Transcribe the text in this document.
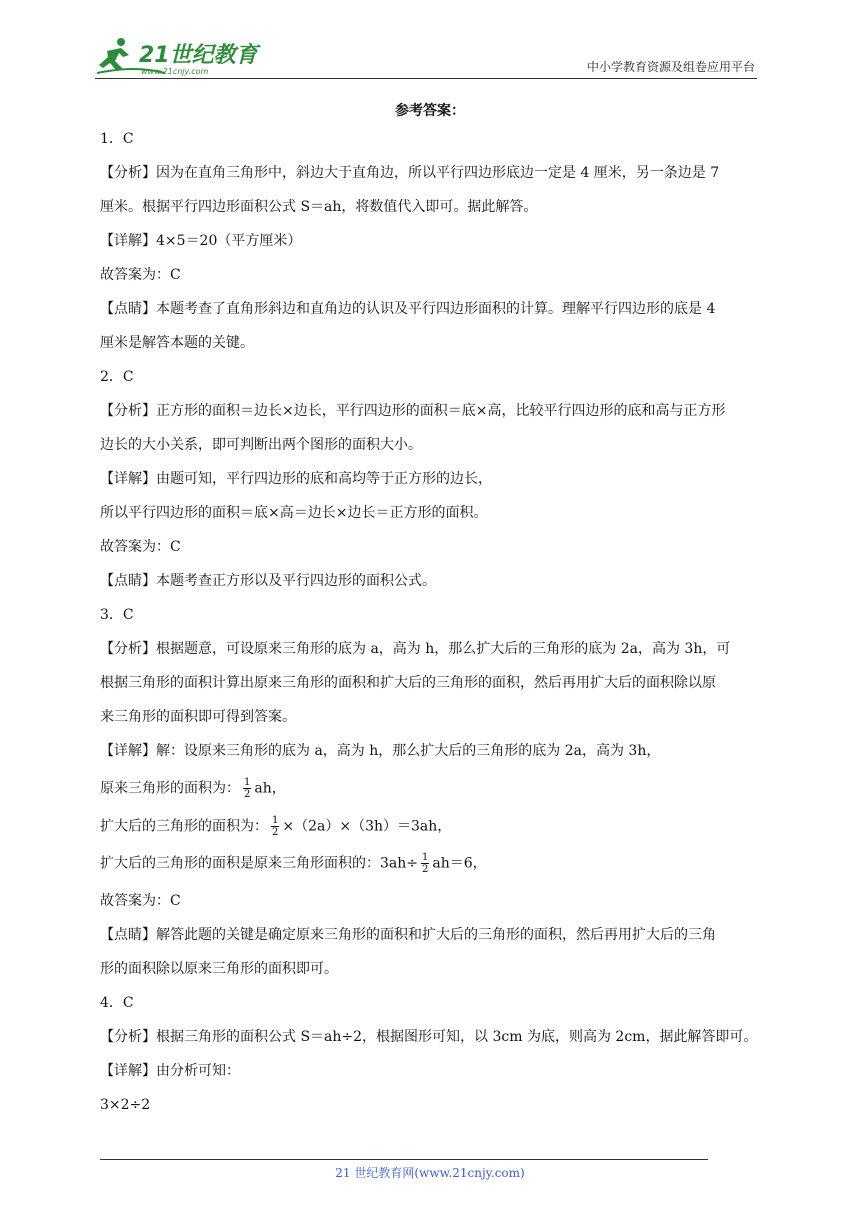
21世纪教育
www.21cnjy.com	中小学教育资源及组卷应用平台
参考答案：
1．C
【分析】因为在直角三角形中，斜边大于直角边，所以平行四边形底边一定是 4 厘米，另一条边是 7
厘米。根据平行四边形面积公式 S＝ah，将数值代入即可。据此解答。
【详解】4×5＝20（平方厘米）
故答案为：C
【点睛】本题考查了直角形斜边和直角边的认识及平行四边形面积的计算。理解平行四边形的底是 4
厘米是解答本题的关键。
2．C
【分析】正方形的面积＝边长×边长，平行四边形的面积＝底×高，比较平行四边形的底和高与正方形
边长的大小关系，即可判断出两个图形的面积大小。
【详解】由题可知，平行四边形的底和高均等于正方形的边长，
所以平行四边形的面积＝底×高＝边长×边长＝正方形的面积。
故答案为：C
【点睛】本题考查正方形以及平行四边形的面积公式。
3．C
【分析】根据题意，可设原来三角形的底为 a，高为 h，那么扩大后的三角形的底为 2a，高为 3h，可
根据三角形的面积计算出原来三角形的面积和扩大后的三角形的面积，然后再用扩大后的面积除以原
来三角形的面积即可得到答案。
【详解】解：设原来三角形的底为 a，高为 h，那么扩大后的三角形的底为 2a，高为 3h，
原来三角形的面积为： $\frac{1}{2}$ ah，
扩大后的三角形的面积为： $\frac{1}{2} \times(2a)\times(3h)=3ah$，
扩大后的三角形的面积是原来三角形面积的：$3ah\div \frac{1}{2} ah=6$，
故答案为：C
【点睛】解答此题的关键是确定原来三角形的面积和扩大后的三角形的面积，然后再用扩大后的三角
形的面积除以原来三角形的面积即可。
4．C
【分析】根据三角形的面积公式 S＝ah÷2，根据图形可知，以 3cm 为底，则高为 2cm，据此解答即可。
【详解】由分析可知：
3×2÷2
21 世纪教育网(www.21cnjy.com)
